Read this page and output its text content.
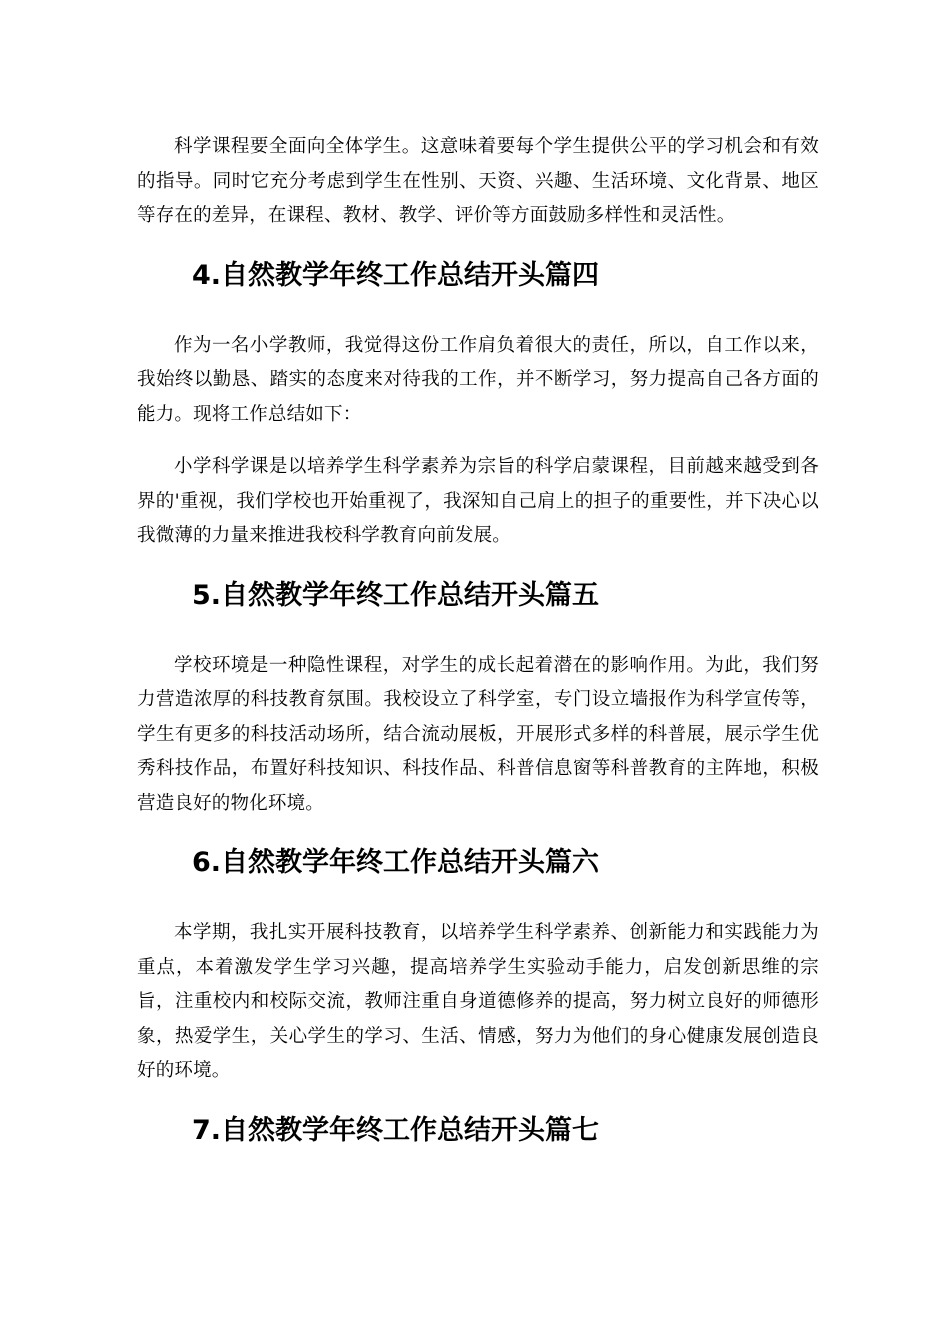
科学课程要全面向全体学生。这意味着要每个学生提供公平的学习机会和有效的指导。同时它充分考虑到学生在性别、天资、兴趣、生活环境、文化背景、地区等存在的差异，在课程、教材、教学、评价等方面鼓励多样性和灵活性。

4.自然教学年终工作总结开头篇四

作为一名小学教师，我觉得这份工作肩负着很大的责任，所以，自工作以来，我始终以勤恳、踏实的态度来对待我的工作，并不断学习，努力提高自己各方面的能力。现将工作总结如下：

小学科学课是以培养学生科学素养为宗旨的科学启蒙课程，目前越来越受到各界的'重视，我们学校也开始重视了，我深知自己肩上的担子的重要性，并下决心以我微薄的力量来推进我校科学教育向前发展。

5.自然教学年终工作总结开头篇五

学校环境是一种隐性课程，对学生的成长起着潜在的影响作用。为此，我们努力营造浓厚的科技教育氛围。我校设立了科学室，专门设立墙报作为科学宣传等，学生有更多的科技活动场所，结合流动展板，开展形式多样的科普展，展示学生优秀科技作品，布置好科技知识、科技作品、科普信息窗等科普教育的主阵地，积极营造良好的物化环境。

6.自然教学年终工作总结开头篇六

本学期，我扎实开展科技教育，以培养学生科学素养、创新能力和实践能力为重点，本着激发学生学习兴趣，提高培养学生实验动手能力，启发创新思维的宗旨，注重校内和校际交流，教师注重自身道德修养的提高，努力树立良好的师德形象，热爱学生，关心学生的学习、生活、情感，努力为他们的身心健康发展创造良好的环境。

7.自然教学年终工作总结开头篇七
